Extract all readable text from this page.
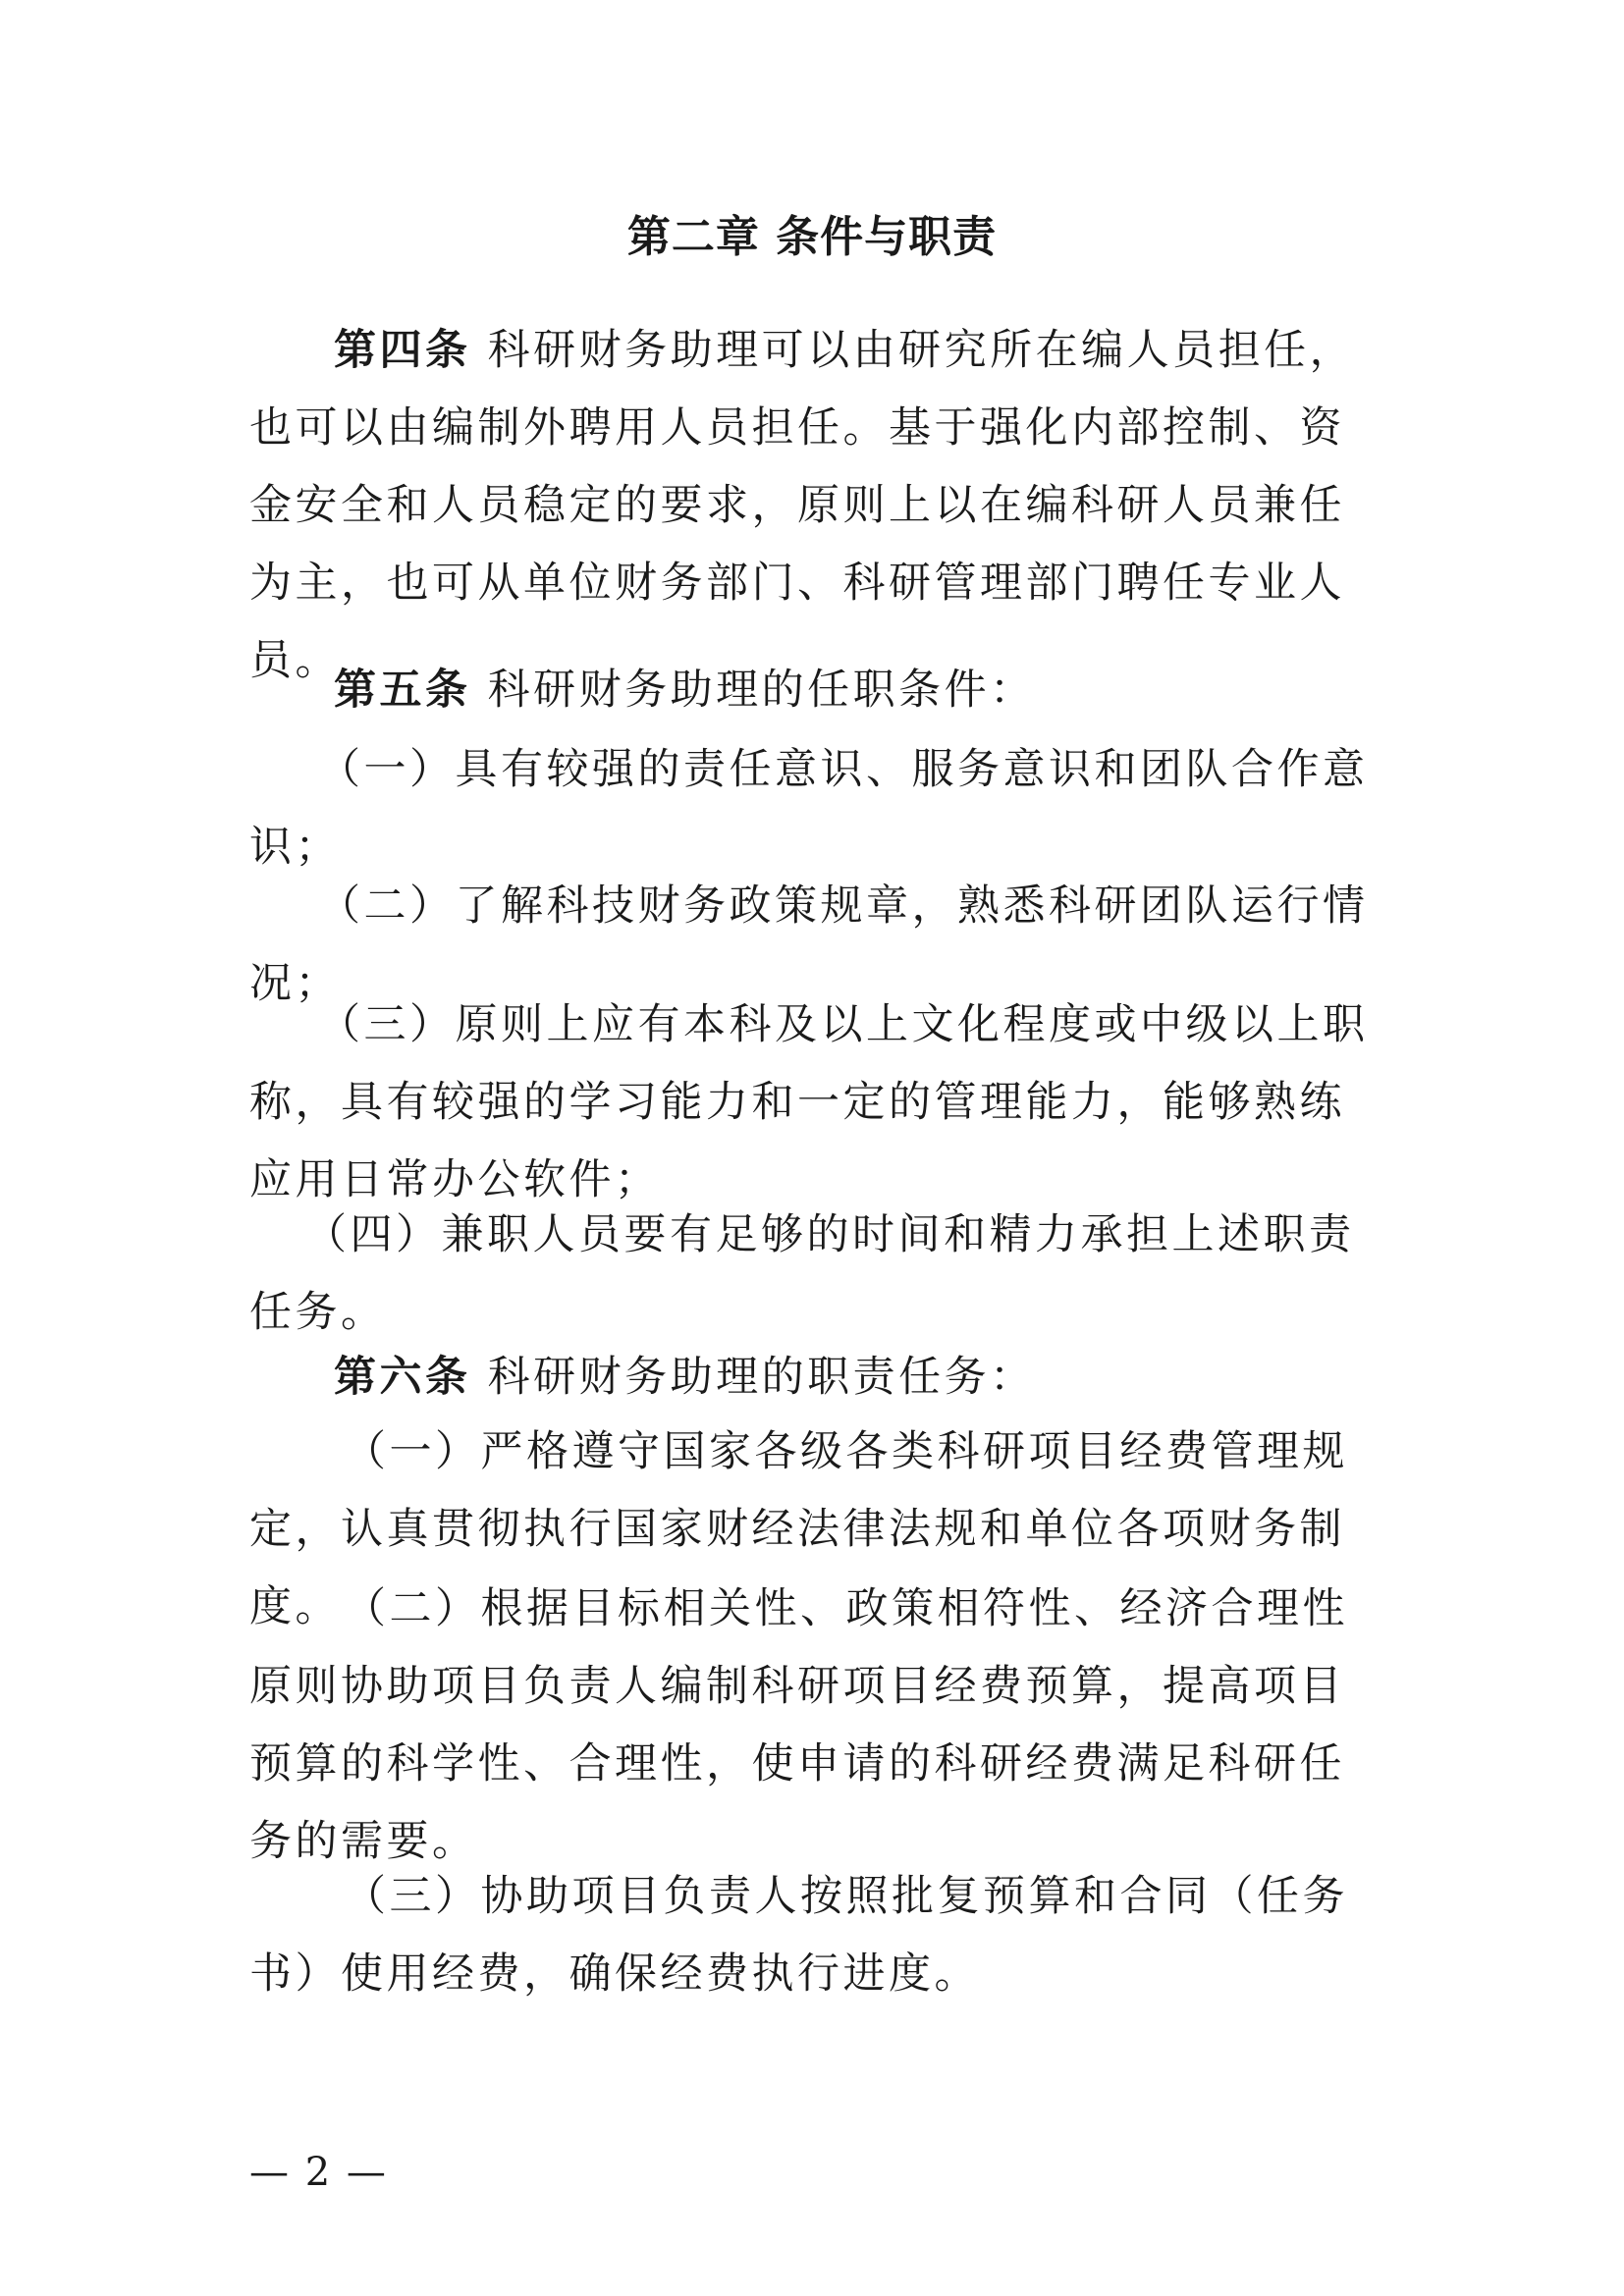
第二章 条件与职责

第四条 科研财务助理可以由研究所在编人员担任，也可以由编制外聘用人员担任。基于强化内部控制、资金安全和人员稳定的要求，原则上以在编科研人员兼任为主，也可从单位财务部门、科研管理部门聘任专业人员。

第五条 科研财务助理的任职条件：

（一）具有较强的责任意识、服务意识和团队合作意识；

（二）了解科技财务政策规章，熟悉科研团队运行情况；

（三）原则上应有本科及以上文化程度或中级以上职称，具有较强的学习能力和一定的管理能力，能够熟练应用日常办公软件；

（四）兼职人员要有足够的时间和精力承担上述职责任务。

第六条 科研财务助理的职责任务：

（一）严格遵守国家各级各类科研项目经费管理规定，认真贯彻执行国家财经法律法规和单位各项财务制度。 （二）根据目标相关性、政策相符性、经济合理性原则协助项目负责人编制科研项目经费预算，提高项目预算的科学性、合理性，使申请的科研经费满足科研任务的需要。

（三）协助项目负责人按照批复预算和合同（任务书）使用经费，确保经费执行进度。

— 2 —
